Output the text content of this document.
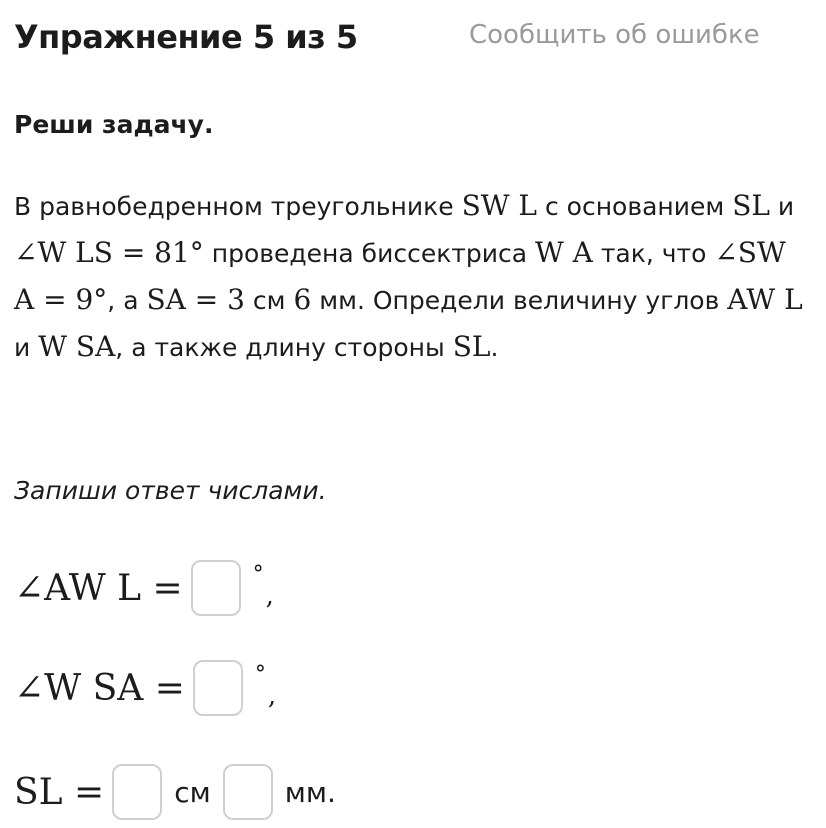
Упражнение 5 из 5	Сообщить об ошибке
Реши задачу.
В равнобедренном треугольнике SW L с основанием SL и ∠W LS = 81° проведена биссектриса W A так, что ∠SW A = 9°, а SA = 3 см 6 мм. Определи величину углов AW L и W SA, а также длину стороны SL.
Запиши ответ числами.
∠AW L =	°
,
∠W SA =	°
,
SL =	см	мм.
